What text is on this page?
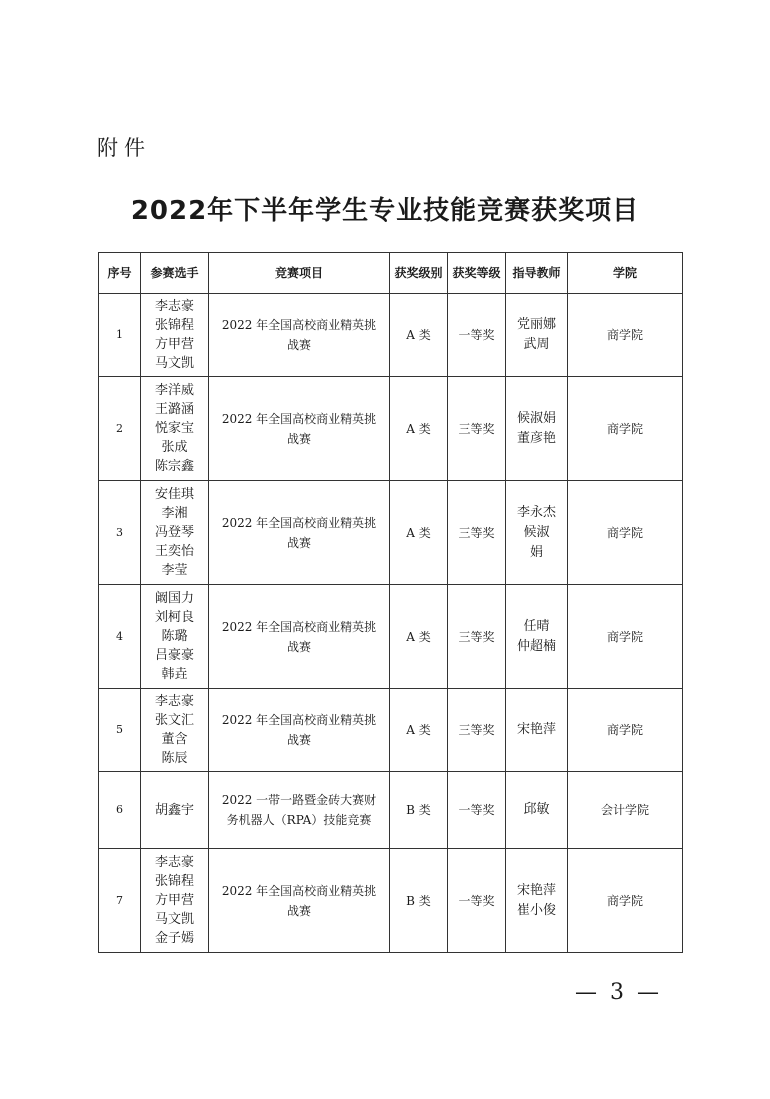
附件
2022年下半年学生专业技能竞赛获奖项目
序号	参赛选手	竞赛项目	获奖级别	获奖等级	指导教师	学院
1	李志豪
张锦程
方甲营
马文凯	2022 年全国高校商业精英挑战赛	A 类	一等奖	党丽娜
武周	商学院
2	李洋威
王潞涵
悦家宝
张成
陈宗鑫	2022 年全国高校商业精英挑战赛	A 类	三等奖	候淑娟
董彦艳	商学院
3	安佳琪
李湘
冯登琴
王奕怡
李莹	2022 年全国高校商业精英挑战赛	A 类	三等奖	李永杰
候淑
娟	商学院
4	阚国力
刘柯良
陈璐
吕豪豪
韩垚	2022 年全国高校商业精英挑战赛	A 类	三等奖	任晴
仲超楠	商学院
5	李志豪
张文汇
董含
陈辰	2022 年全国高校商业精英挑战赛	A 类	三等奖	宋艳萍	商学院
6	胡鑫宇	2022 一带一路暨金砖大赛财务机器人（RPA）技能竞赛	B 类	一等奖	邱敏	会计学院
7	李志豪
张锦程
方甲营
马文凯
金子嫣	2022 年全国高校商业精英挑战赛	B 类	一等奖	宋艳萍
崔小俊	商学院
— 3 —
